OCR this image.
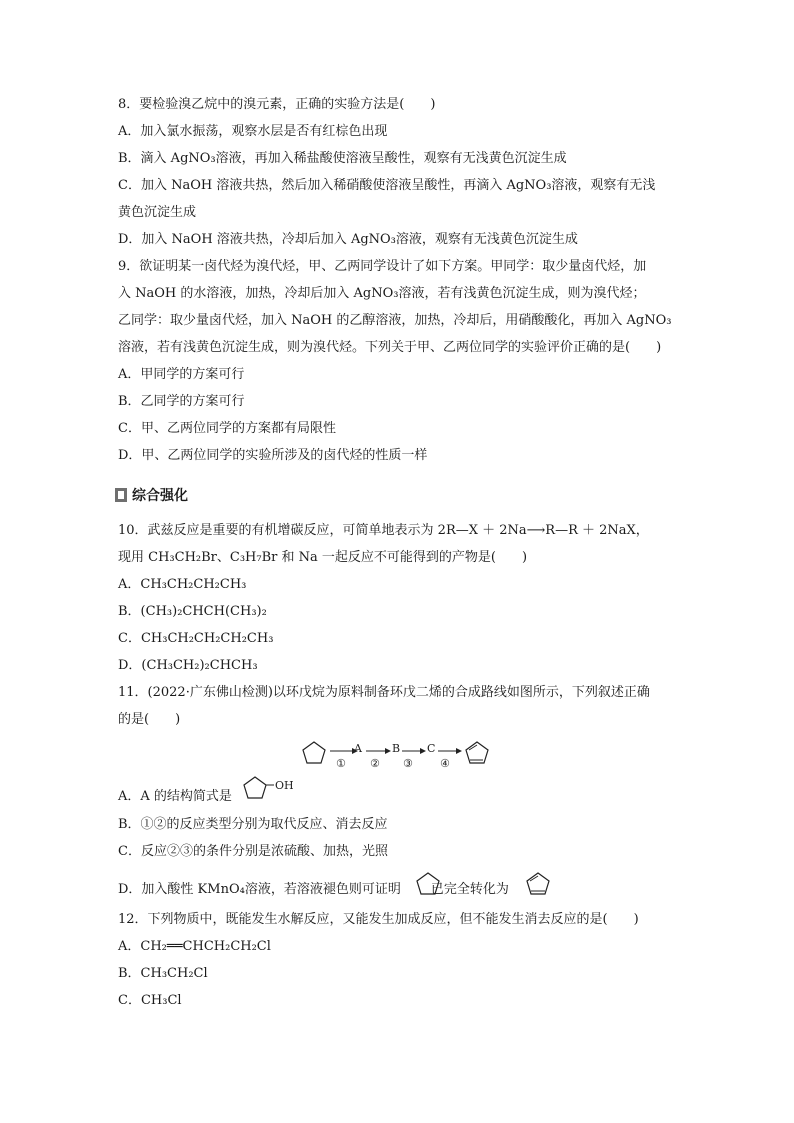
8．要检验溴乙烷中的溴元素，正确的实验方法是(　　)
A．加入氯水振荡，观察水层是否有红棕色出现
B．滴入 AgNO₃溶液，再加入稀盐酸使溶液呈酸性，观察有无浅黄色沉淀生成
C．加入 NaOH 溶液共热，然后加入稀硝酸使溶液呈酸性，再滴入 AgNO₃溶液，观察有无浅
黄色沉淀生成
D．加入 NaOH 溶液共热，冷却后加入 AgNO₃溶液，观察有无浅黄色沉淀生成
9．欲证明某一卤代烃为溴代烃，甲、乙两同学设计了如下方案。甲同学：取少量卤代烃，加
入 NaOH 的水溶液，加热，冷却后加入 AgNO₃溶液，若有浅黄色沉淀生成，则为溴代烃；
乙同学：取少量卤代烃，加入 NaOH 的乙醇溶液，加热，冷却后，用硝酸酸化，再加入 AgNO₃
溶液，若有浅黄色沉淀生成，则为溴代烃。下列关于甲、乙两位同学的实验评价正确的是(　　)
A．甲同学的方案可行
B．乙同学的方案可行
C．甲、乙两位同学的方案都有局限性
D．甲、乙两位同学的实验所涉及的卤代烃的性质一样
综合强化
10．武兹反应是重要的有机增碳反应，可简单地表示为 2R—X ＋ 2Na⟶R—R ＋ 2NaX，
现用 CH₃CH₂Br、C₃H₇Br 和 Na 一起反应不可能得到的产物是(　　)
A．CH₃CH₂CH₂CH₃
B．(CH₃)₂CHCH(CH₃)₂
C．CH₃CH₂CH₂CH₂CH₃
D．(CH₃CH₂)₂CHCH₃
11．(2022·广东佛山检测)以环戊烷为原料制备环戊二烯的合成路线如图所示，下列叙述正确
的是(　　)
A
①
B
②
C
③ ④
A．A 的结构简式是
OH
B．①②的反应类型分别为取代反应、消去反应
C．反应②③的条件分别是浓硫酸、加热，光照
D．加入酸性 KMnO₄溶液，若溶液褪色则可证明 已完全转化为
12．下列物质中，既能发生水解反应，又能发生加成反应，但不能发生消去反应的是(　　)
A．CH₂══CHCH₂CH₂Cl
B．CH₃CH₂Cl
C．CH₃Cl
